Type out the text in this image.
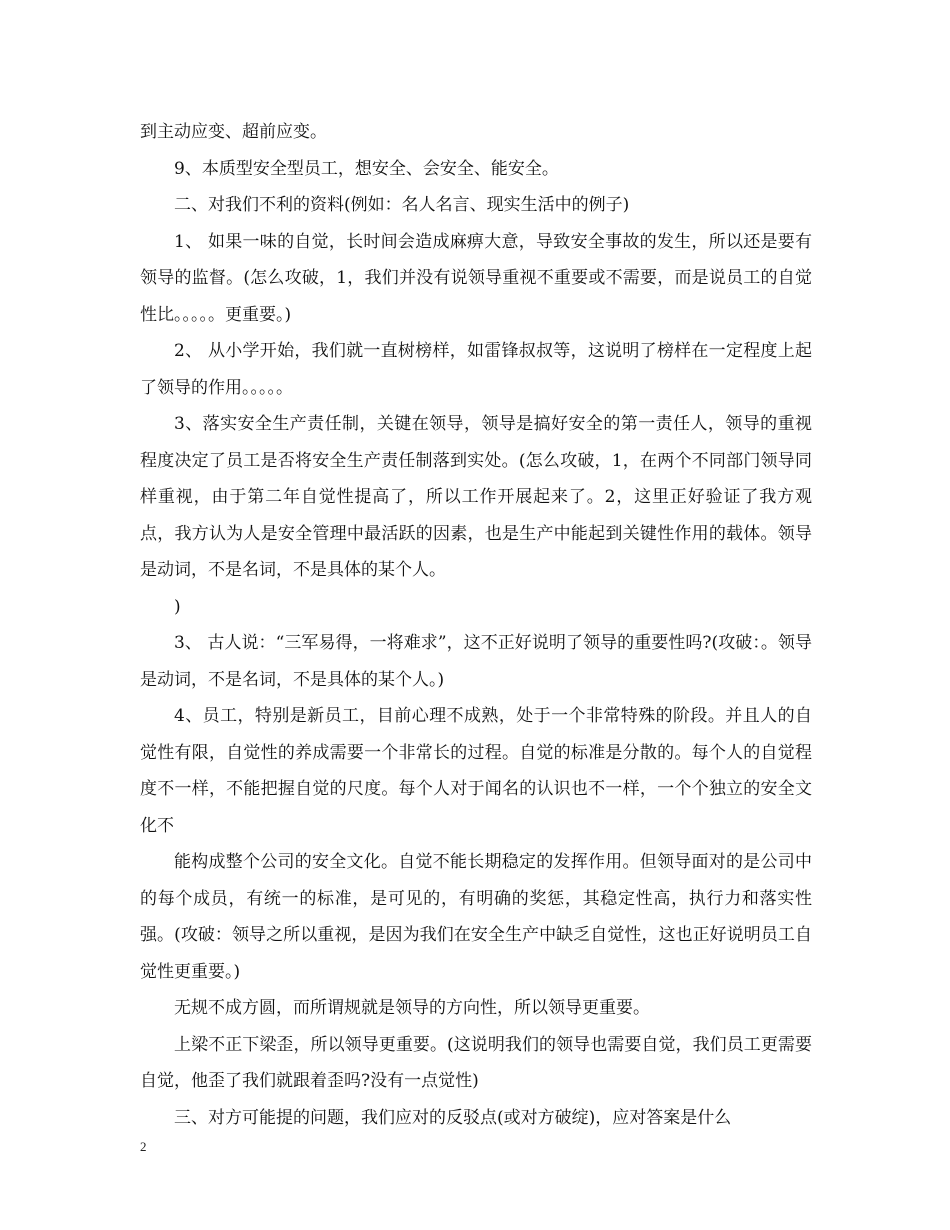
到主动应变、超前应变。

9、本质型安全型员工，想安全、会安全、能安全。

二、对我们不利的资料(例如：名人名言、现实生活中的例子)

1、 如果一味的自觉，长时间会造成麻痹大意，导致安全事故的发生，所以还是要有领导的监督。(怎么攻破，1，我们并没有说领导重视不重要或不需要，而是说员工的自觉性比。。。。。更重要。)

2、 从小学开始，我们就一直树榜样，如雷锋叔叔等，这说明了榜样在一定程度上起了领导的作用。。。。。

3、落实安全生产责任制，关键在领导，领导是搞好安全的第一责任人，领导的重视程度决定了员工是否将安全生产责任制落到实处。(怎么攻破，1，在两个不同部门领导同样重视，由于第二年自觉性提高了，所以工作开展起来了。2，这里正好验证了我方观点，我方认为人是安全管理中最活跃的因素，也是生产中能起到关键性作用的载体。领导是动词，不是名词，不是具体的某个人。

)

3、 古人说：“三军易得，一将难求”，这不正好说明了领导的重要性吗?(攻破：。领导是动词，不是名词，不是具体的某个人。)

4、员工，特别是新员工，目前心理不成熟，处于一个非常特殊的阶段。并且人的自觉性有限，自觉性的养成需要一个非常长的过程。自觉的标准是分散的。每个人的自觉程度不一样，不能把握自觉的尺度。每个人对于闻名的认识也不一样，一个个独立的安全文化不

能构成整个公司的安全文化。自觉不能长期稳定的发挥作用。但领导面对的是公司中的每个成员，有统一的标准，是可见的，有明确的奖惩，其稳定性高，执行力和落实性强。(攻破：领导之所以重视，是因为我们在安全生产中缺乏自觉性，这也正好说明员工自觉性更重要。)

无规不成方圆，而所谓规就是领导的方向性，所以领导更重要。

上梁不正下梁歪，所以领导更重要。(这说明我们的领导也需要自觉，我们员工更需要自觉，他歪了我们就跟着歪吗?没有一点觉性)

三、对方可能提的问题，我们应对的反驳点(或对方破绽)，应对答案是什么

2
